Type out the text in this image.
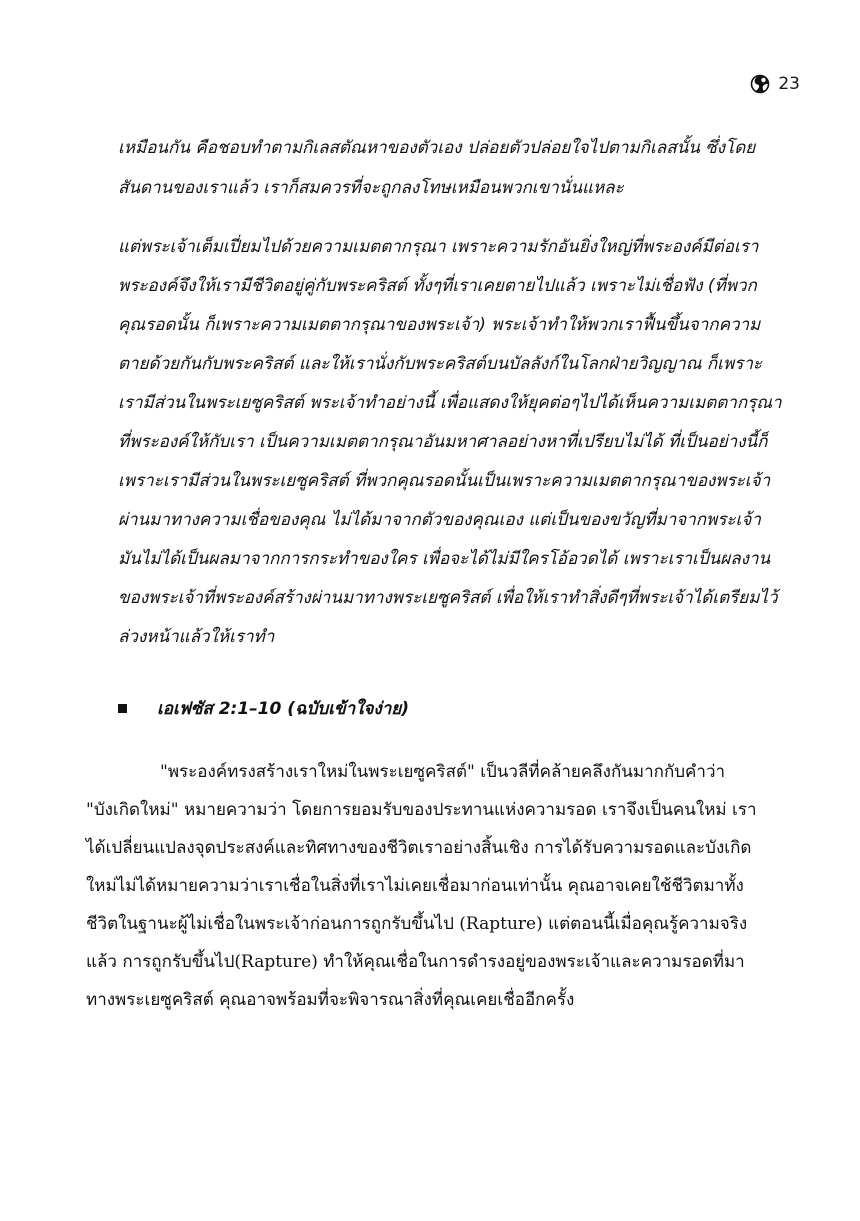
23
เหมือนกัน คือชอบทำตามกิเลสตัณหาของตัวเอง ปล่อยตัวปล่อยใจไปตามกิเลสนั้น ซึ่งโดย
สันดานของเราแล้ว เราก็สมควรที่จะถูกลงโทษเหมือนพวกเขานั่นแหละ
แต่พระเจ้าเต็มเปี่ยมไปด้วยความเมตตากรุณา เพราะความรักอันยิ่งใหญ่ที่พระองค์มีต่อเรา
พระองค์จึงให้เรามีชีวิตอยู่คู่กับพระคริสต์ ทั้งๆที่เราเคยตายไปแล้ว เพราะไม่เชื่อฟัง (ที่พวก
คุณรอดนั้น ก็เพราะความเมตตากรุณาของพระเจ้า) พระเจ้าทำให้พวกเราฟื้นขึ้นจากความ
ตายด้วยกันกับพระคริสต์ และให้เรานั่งกับพระคริสต์บนบัลลังก์ในโลกฝ่ายวิญญาณ ก็เพราะ
เรามีส่วนในพระเยซูคริสต์ พระเจ้าทำอย่างนี้ เพื่อแสดงให้ยุคต่อๆไปได้เห็นความเมตตากรุณา
ที่พระองค์ให้กับเรา เป็นความเมตตากรุณาอันมหาศาลอย่างหาที่เปรียบไม่ได้ ที่เป็นอย่างนี้ก็
เพราะเรามีส่วนในพระเยซูคริสต์ ที่พวกคุณรอดนั้นเป็นเพราะความเมตตากรุณาของพระเจ้า
ผ่านมาทางความเชื่อของคุณ ไม่ได้มาจากตัวของคุณเอง แต่เป็นของขวัญที่มาจากพระเจ้า
มันไม่ได้เป็นผลมาจากการกระทำของใคร เพื่อจะได้ไม่มีใครโอ้อวดได้ เพราะเราเป็นผลงาน
ของพระเจ้าที่พระองค์สร้างผ่านมาทางพระเยซูคริสต์ เพื่อให้เราทำสิ่งดีๆที่พระเจ้าได้เตรียมไว้
ล่วงหน้าแล้วให้เราทำ
เอเฟซัส 2:1–10 (ฉบับเข้าใจง่าย)
"พระองค์ทรงสร้างเราใหม่ในพระเยซูคริสต์" เป็นวลีที่คล้ายคลึงกันมากกับคำว่า
"บังเกิดใหม่" หมายความว่า โดยการยอมรับของประทานแห่งความรอด เราจึงเป็นคนใหม่ เรา
ได้เปลี่ยนแปลงจุดประสงค์และทิศทางของชีวิตเราอย่างสิ้นเชิง การได้รับความรอดและบังเกิด
ใหม่ไม่ได้หมายความว่าเราเชื่อในสิ่งที่เราไม่เคยเชื่อมาก่อนเท่านั้น คุณอาจเคยใช้ชีวิตมาทั้ง
ชีวิตในฐานะผู้ไม่เชื่อในพระเจ้าก่อนการถูกรับขึ้นไป (Rapture) แต่ตอนนี้เมื่อคุณรู้ความจริง
แล้ว การถูกรับขึ้นไป(Rapture) ทำให้คุณเชื่อในการดำรงอยู่ของพระเจ้าและความรอดที่มา
ทางพระเยซูคริสต์ คุณอาจพร้อมที่จะพิจารณาสิ่งที่คุณเคยเชื่ออีกครั้ง
